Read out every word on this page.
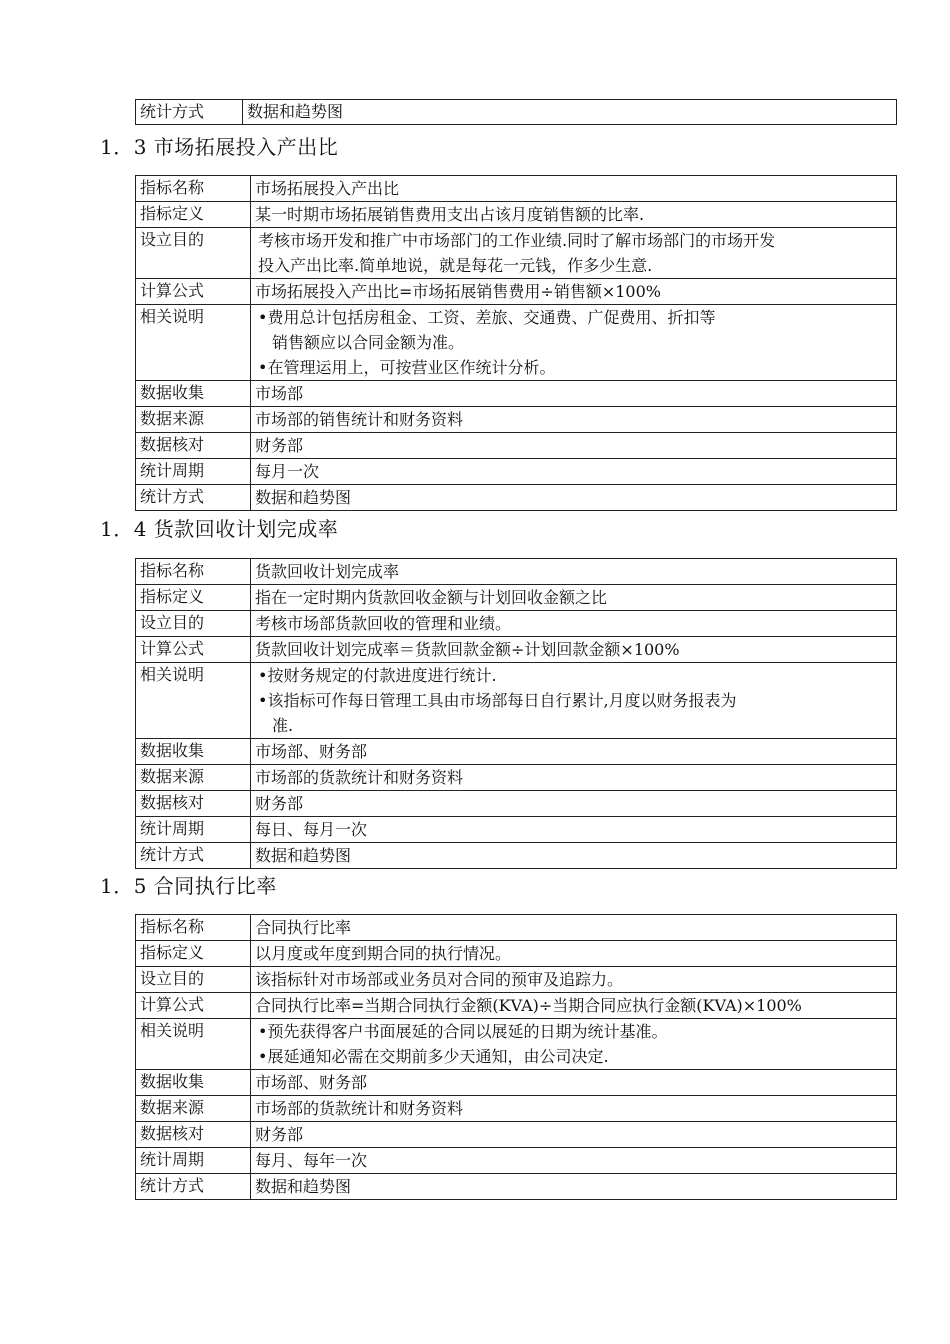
统计方式	数据和趋势图
1．3 市场拓展投入产出比
指标名称	市场拓展投入产出比

指标定义	某一时期市场拓展销售费用支出占该月度销售额的比率.

设立目的	考核市场开发和推广中市场部门的工作业绩.同时了解市场部门的市场开发
投入产出比率.简单地说，就是每花一元钱，作多少生意.

计算公式	市场拓展投入产出比=市场拓展销售费用÷销售额×100%

相关说明	•费用总计包括房租金、工资、差旅、交通费、广促费用、折扣等
销售额应以合同金额为准。
•在管理运用上，可按营业区作统计分析。

数据收集	市场部

数据来源	市场部的销售统计和财务资料

数据核对	财务部

统计周期	每月一次

统计方式	数据和趋势图
1．4 货款回收计划完成率
指标名称	货款回收计划完成率

指标定义	指在一定时期内货款回收金额与计划回收金额之比

设立目的	考核市场部货款回收的管理和业绩。

计算公式	货款回收计划完成率＝货款回款金额÷计划回款金额×100%

相关说明	•按财务规定的付款进度进行统计.
•该指标可作每日管理工具由市场部每日自行累计,月度以财务报表为
准.

数据收集	市场部、财务部

数据来源	市场部的货款统计和财务资料

数据核对	财务部

统计周期	每日、每月一次

统计方式	数据和趋势图
1．5 合同执行比率
指标名称	合同执行比率

指标定义	以月度或年度到期合同的执行情况。

设立目的	该指标针对市场部或业务员对合同的预审及追踪力。

计算公式	合同执行比率=当期合同执行金额(KVA)÷当期合同应执行金额(KVA)×100%

相关说明	•预先获得客户书面展延的合同以展延的日期为统计基准。
•展延通知必需在交期前多少天通知，由公司决定.

数据收集	市场部、财务部

数据来源	市场部的货款统计和财务资料

数据核对	财务部

统计周期	每月、每年一次

统计方式	数据和趋势图
